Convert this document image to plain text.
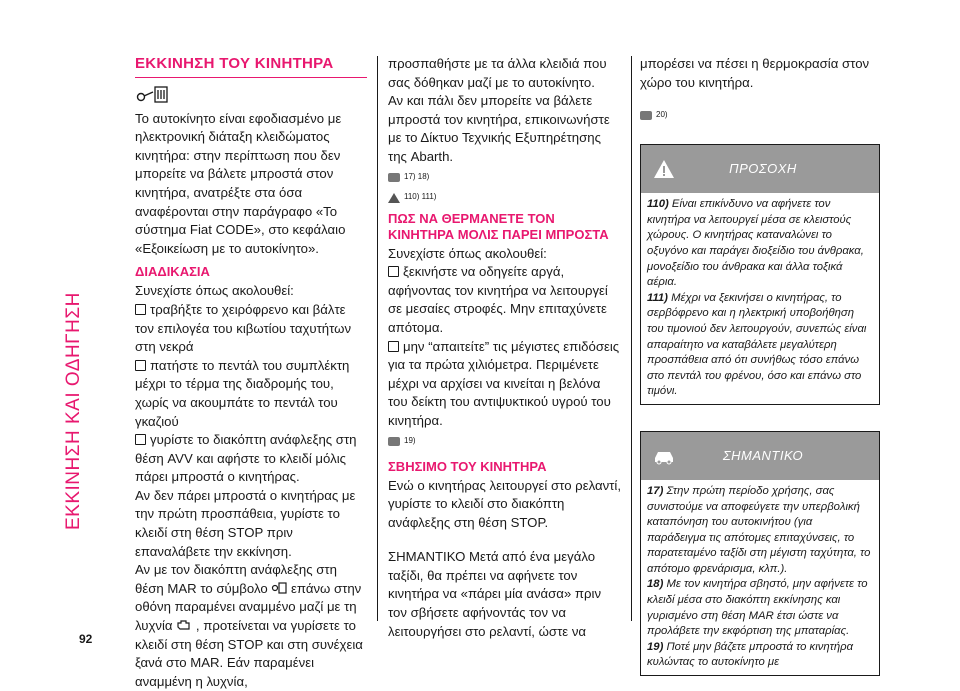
ΕΚΚΙΝΗΣΗ ΚΑΙ ΟΔΗΓΗΣΗ
92
ΕΚΚΙΝΗΣΗ ΤΟΥ ΚΙΝΗΤΗΡΑ

Το αυτοκίνητο είναι εφοδιασμένο με ηλεκτρονική διάταξη κλειδώματος κινητήρα: στην περίπτωση που δεν μπορείτε να βάλετε μπροστά στον κινητήρα, ανατρέξτε στα όσα αναφέρονται στην παράγραφο «Το σύστημα Fiat CODE», στο κεφάλαιο «Εξοικείωση με το αυτοκίνητο».

ΔΙΑΔΙΚΑΣΙΑ

Συνεχίστε όπως ακολουθεί:

τραβήξτε το χειρόφρενο και βάλτε τον επιλογέα του κιβωτίου ταχυτήτων στη νεκρά

πατήστε το πεντάλ του συμπλέκτη μέχρι το τέρμα της διαδρομής του, χωρίς να ακουμπάτε το πεντάλ του γκαζιού

γυρίστε το διακόπτη ανάφλεξης στη θέση AVV και αφήστε το κλειδί μόλις πάρει μπροστά ο κινητήρας.

Αν δεν πάρει μπροστά ο κινητήρας με την πρώτη προσπάθεια, γυρίστε το κλειδί στη θέση STOP πριν επαναλάβετε την εκκίνηση.

Αν με τον διακόπτη ανάφλεξης στη θέση MAR το σύμβολο επάνω στην οθόνη παραμένει αναμμένο μαζί με τη λυχνία , προτείνεται να γυρίσετε το κλειδί στη θέση STOP και στη συνέχεια ξανά στο MAR. Εάν παραμένει αναμμένη η λυχνία,

προσπαθήστε με τα άλλα κλειδιά που σας δόθηκαν μαζί με το αυτοκίνητο.

Αν και πάλι δεν μπορείτε να βάλετε μπροστά τον κινητήρα, επικοινωνήστε με το Δίκτυο Τεχνικής Εξυπηρέτησης της Abarth.

17) 18)
110) 111)
ΠΩΣ ΝΑ ΘΕΡΜΑΝΕΤΕ ΤΟΝ ΚΙΝΗΤΗΡΑ ΜΟΛΙΣ ΠΑΡΕΙ ΜΠΡΟΣΤΑ

Συνεχίστε όπως ακολουθεί:

ξεκινήστε να οδηγείτε αργά, αφήνοντας τον κινητήρα να λειτουργεί σε μεσαίες στροφές. Μην επιταχύνετε απότομα.

μην “απαιτείτε” τις μέγιστες επιδόσεις για τα πρώτα χιλιόμετρα. Περιμένετε μέχρι να αρχίσει να κινείται η βελόνα του δείκτη του αντιψυκτικού υγρού του κινητήρα.

19)
ΣΒΗΣΙΜΟ ΤΟΥ ΚΙΝΗΤΗΡΑ

Ενώ ο κινητήρας λειτουργεί στο ρελαντί, γυρίστε το κλειδί στο διακόπτη ανάφλεξης στη θέση STOP.

ΣΗΜΑΝΤΙΚΟ Μετά από ένα μεγάλο ταξίδι, θα πρέπει να αφήνετε τον κινητήρα να «πάρει μία ανάσα» πριν τον σβήσετε αφήνοντάς τον να λειτουργήσει στο ρελαντί, ώστε να

μπορέσει να πέσει η θερμοκρασία στον χώρο του κινητήρα.

20)
ΠΡΟΣΟΧΗ

110) Είναι επικίνδυνο να αφήνετε τον κινητήρα να λειτουργεί μέσα σε κλειστούς χώρους. Ο κινητήρας καταναλώνει το οξυγόνο και παράγει διοξείδιο του άνθρακα, μονοξείδιο του άνθρακα και άλλα τοξικά αέρια.

111) Μέχρι να ξεκινήσει ο κινητήρας, το σερβόφρενο και η ηλεκτρική υποβοήθηση του τιμονιού δεν λειτουργούν, συνεπώς είναι απαραίτητο να καταβάλετε μεγαλύτερη προσπάθεια από ότι συνήθως τόσο επάνω στο πεντάλ του φρένου, όσο και επάνω στο τιμόνι.

ΣΗΜΑΝΤΙΚΟ

17) Στην πρώτη περίοδο χρήσης, σας συνιστούμε να αποφεύγετε την υπερβολική καταπόνηση του αυτοκινήτου (για παράδειγμα τις απότομες επιταχύνσεις, το παρατεταμένο ταξίδι στη μέγιστη ταχύτητα, το απότομο φρενάρισμα, κλπ.).

18) Με τον κινητήρα σβηστό, μην αφήνετε το κλειδί μέσα στο διακόπτη εκκίνησης και γυρισμένο στη θέση MAR έτσι ώστε να προλάβετε την εκφόρτιση της μπαταρίας.

19) Ποτέ μην βάζετε μπροστά το κινητήρα κυλώντας το αυτοκίνητο με
